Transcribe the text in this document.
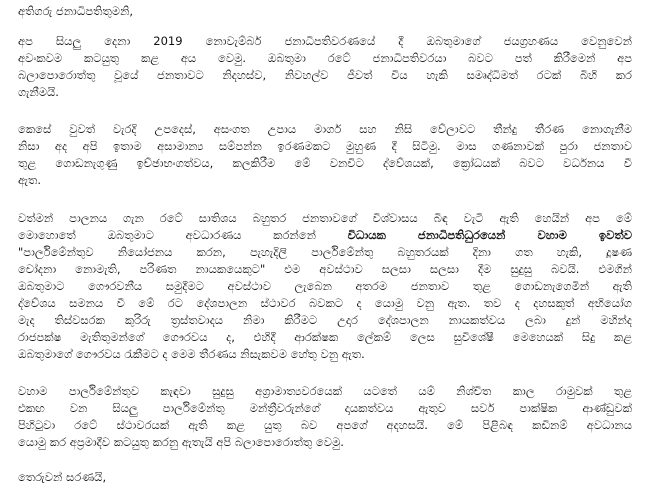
අතිගරු ජනාධිපතිතුමනි,

අප සියලු දෙනා 2019 නොවැම්බර් ජනාධිපතිවරණයේ දී ඔබතුමාගේ ජයග්‍රහණය වෙනුවෙන්

අවංකවම කටයුතු කළ අය වෙමු. ඔබතුමා රටේ ජනාධිපතිවරයා බවට පත් කිරීමෙන් අප

බලාපොරොත්තු වූයේ ජනතාවට නිදහස්ව, නිවහල්ව ජීවත් විය හැකි සමෘද්ධිමත් රටක් බිහි කර

ගැනීමයි.

කෙසේ වුවත් වැරදි උපදෙස්, අසංගත උපාය මාර්ග සහ නිසි වේලාවට තීන්දු තීරණ නොගැනීම

නිසා අද අපි ඉතාම අසාමාන්‍ය සම්පන්න ඉරණමකට මුහුණ දී සිටිමු. මාස ගණනාවක් පුරා ජනතාව

තුළ ගොඩනැගුණු ඉච්ඡාභංගත්වය, කලකිරීම මේ වනවිට ද්වේශයක්, ක්‍රෝධයක් බවට වර්ධනය වී

ඇත.

වත්මන් පාලනය ගැන රටේ සාතිශය බහුතර ජනතාවගේ විශ්වාසය බිඳ වැටී ඇති හෙයින් අප මේ

මොහොතේ ඔබතුමාට අවධාරණය කරන්නේ විධායක ජනාධිපතිධුරයෙන් වහාම ඉවත්ව

"පාර්ලිමේන්තුව නියෝජනය කරන, පැහැදිලි පාර්ලිමේන්තු බහුතරයක් දිනා ගත හැකි, දූෂණ

චෝදනා නොමැති, පරිණත නායකයෙකුට" එම අවස්ථාව සලසා සලසා දීම සුදුසු බවයි. එමගින්

ඔබතුමාට ගෞරවනීය සමුදීමට අවස්ථාව ලැබෙන අතරම ජනතාව තුළ ගොඩනැගෙමින් ඇති

ද්වේශය සමනය වී මේ රට දේශපාලන ස්ථාවර බවකට ද යොමු වනු ඇත. තව ද දහසකුත් අභියෝග

මැද තිස්වසරක කුරිරු ත්‍රස්තවාදය නිමා කිරීමට උදාර දේශපාලන නායකත්වය ලබා දුන් මහින්ද

රාජපක්ෂ මැතිතුමන්ගේ ගෞරවය ද, එහිදී ආරක්ෂක ලේකම් ලෙස සුවිශේෂී මෙහෙයක් සිදු කළ

ඔබතුමාගේ ගෞරවය රැකීමට ද මෙම තීරණය නිසැකවම හේතු වනු ඇත.

වහාම පාර්ලිමේන්තුව කැඳවා සුදුසු අග්‍රාමාත්‍යවරයෙක් යටතේ යම් නිශ්චිත කාල රාමුවක් තුළ

එකඟ වන සියලු පාර්ලිමේන්තු මන්ත්‍රීවරුන්ගේ දායකත්වය ඇතුව සර්ව පාක්ෂික ආණ්ඩුවක්

පිහිටුවා රටේ ස්ථාවරයක් ඇති කළ යුතු බව අපගේ අදහසයි. මේ පිළිබඳ කඩිනම් අවධානය

යොමු කර අප්‍රමාදීව කටයුතු කරනු ඇතැයි අපි බලාපොරොත්තු වෙමු.

තෙරුවන් සරණයි,
